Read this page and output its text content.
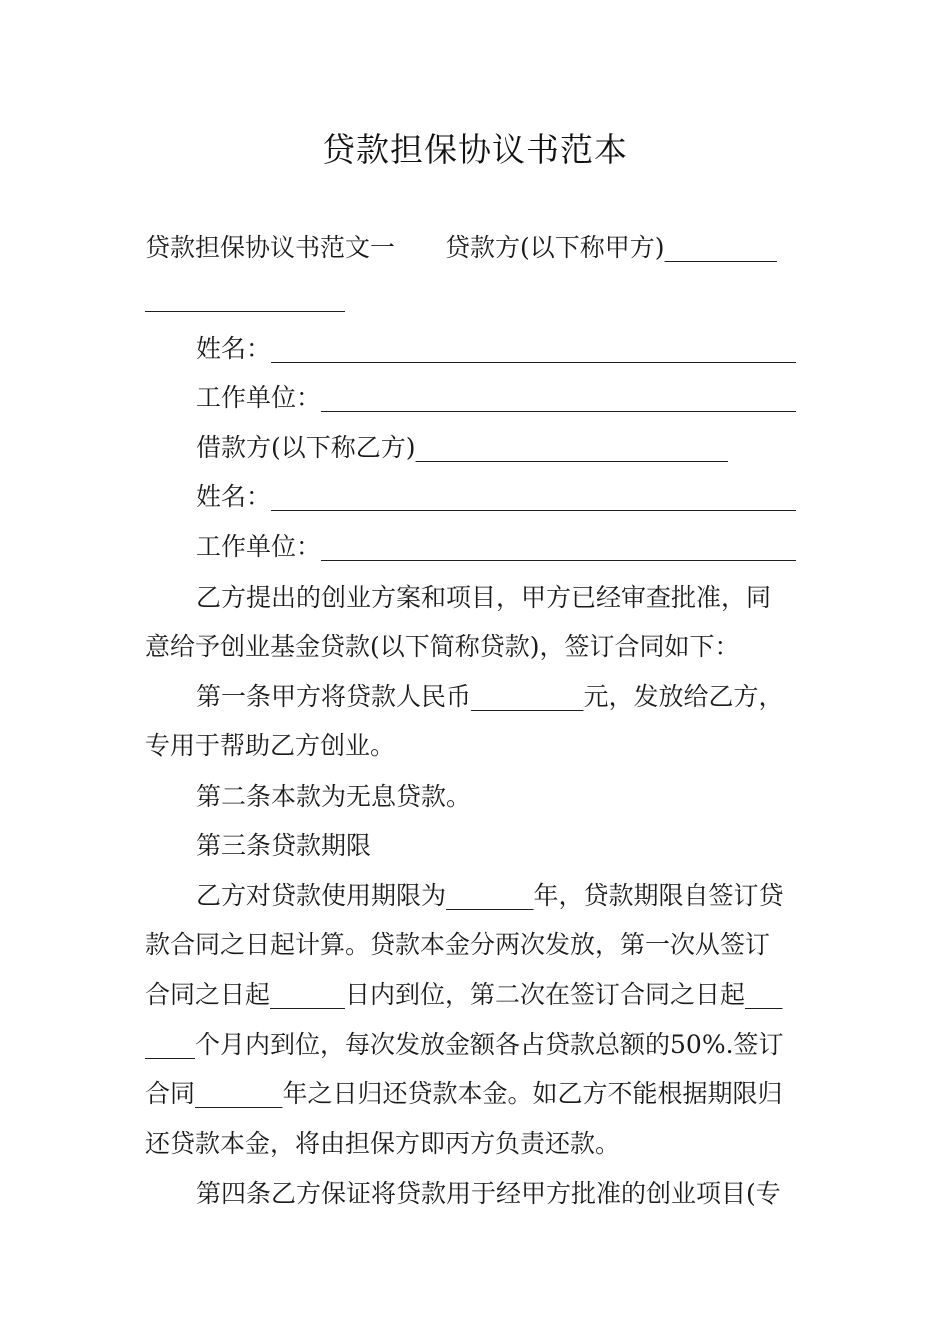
贷款担保协议书范本
贷款担保协议书范文一　　贷款方(以下称甲方)_________
________________
姓名：__________________________________________
工作单位：______________________________________
借款方(以下称乙方)_________________________
姓名：__________________________________________
工作单位：______________________________________
乙方提出的创业方案和项目，甲方已经审查批准，同
意给予创业基金贷款(以下简称贷款)，签订合同如下：
第一条甲方将贷款人民币_________元，发放给乙方，
专用于帮助乙方创业。
第二条本款为无息贷款。
第三条贷款期限
乙方对贷款使用期限为_______年，贷款期限自签订贷
款合同之日起计算。贷款本金分两次发放，第一次从签订
合同之日起______日内到位，第二次在签订合同之日起___
____个月内到位，每次发放金额各占贷款总额的50%.签订
合同_______年之日归还贷款本金。如乙方不能根据期限归
还贷款本金，将由担保方即丙方负责还款。
第四条乙方保证将贷款用于经甲方批准的创业项目(专
